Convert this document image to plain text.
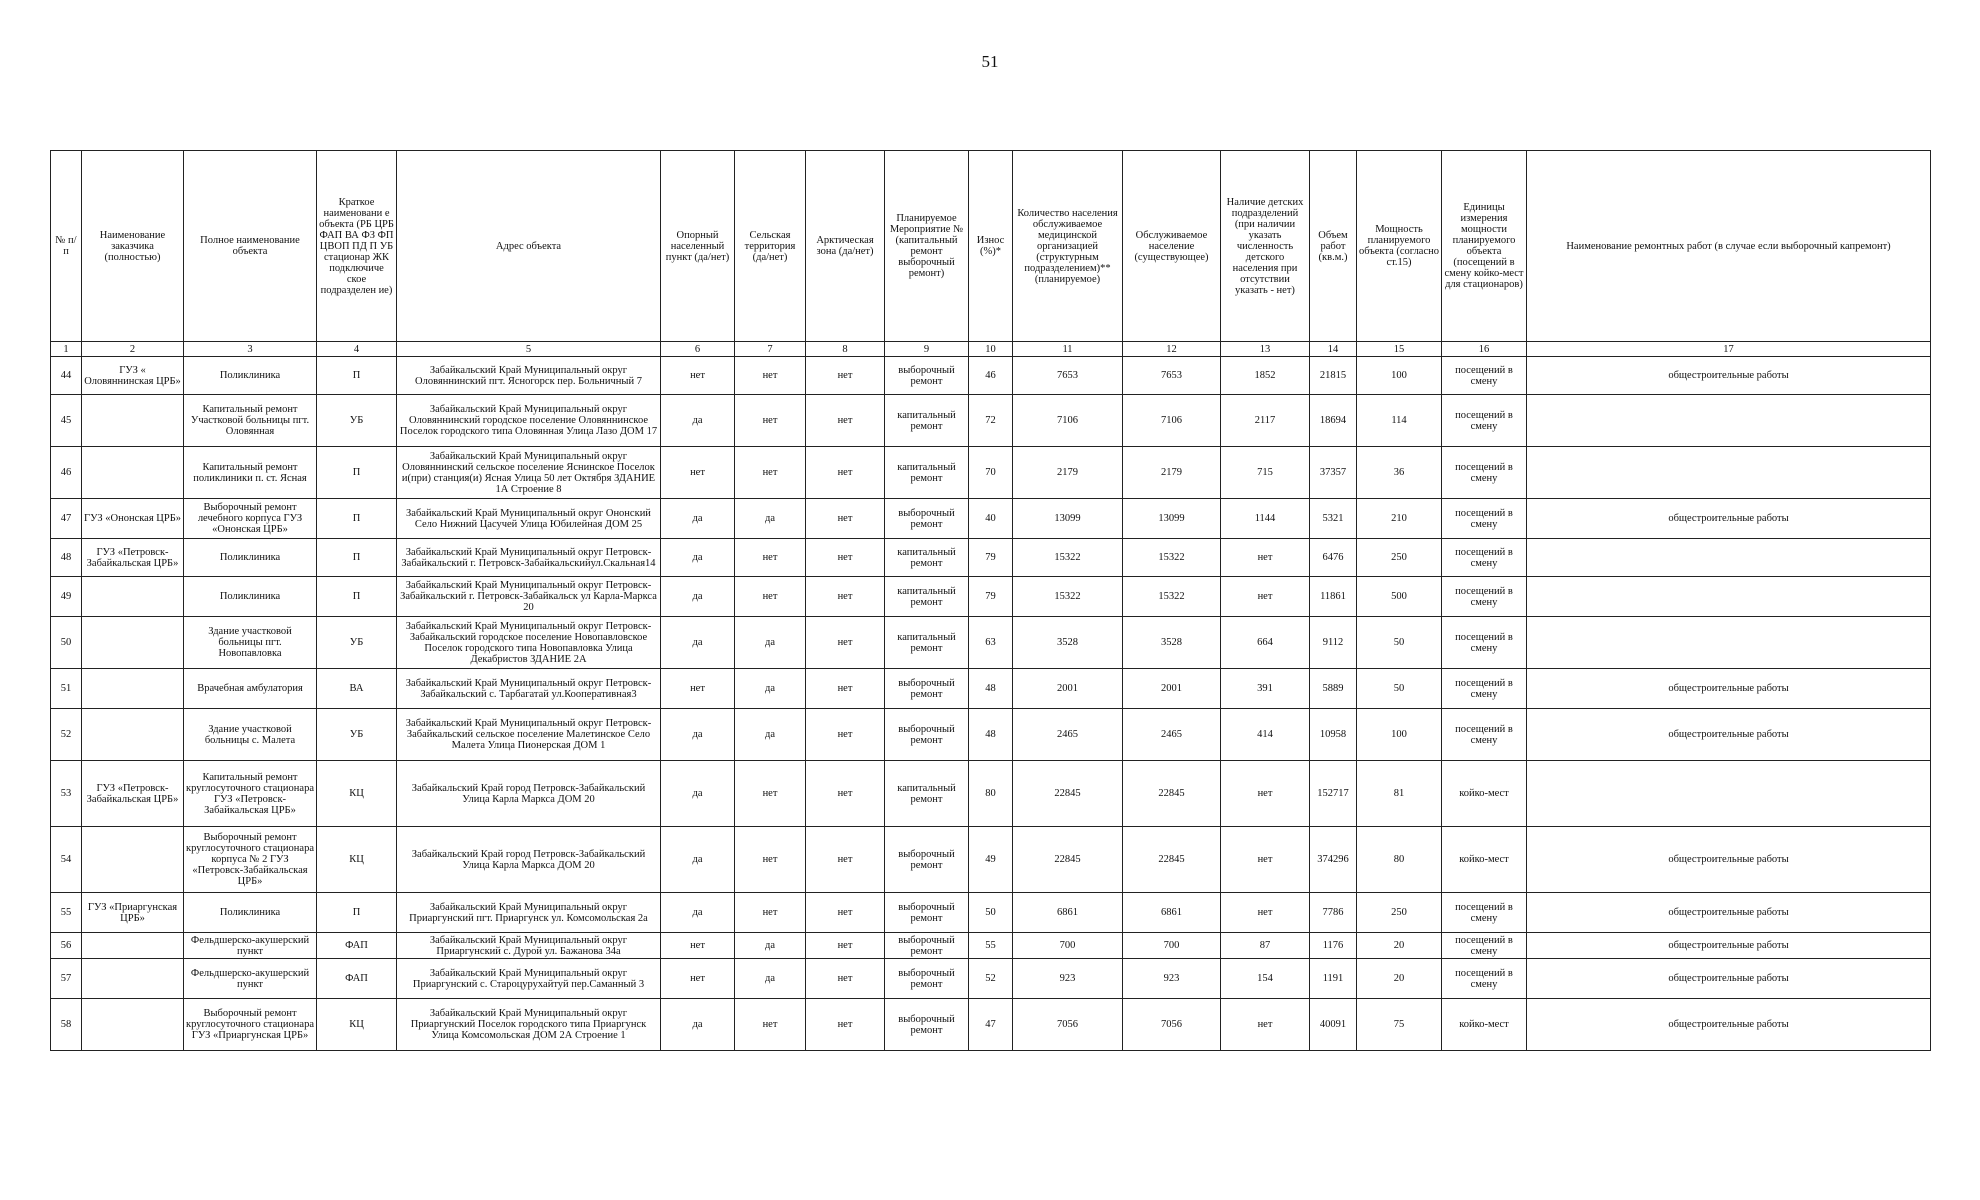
51
№ п/п	Наименование заказчика (полностью)	Полное наименование объекта	Краткое наименовани е объекта (РБ ЦРБ ФАП ВА ФЗ ФП ЦВОП ПД П УБ стационар ЖК подключиче ское подразделен ие)	Адрес объекта	Опорный населенный пункт (да/нет)	Сельская территория (да/нет)	Арктическая зона (да/нет)	Планируемое Мероприятие № (капитальный ремонт выборочный ремонт)	Износ (%)*	Количество населения обслуживаемое медицинской организацией (структурным подразделением)** (планируемое)	Обслуживаемое население (существующее)	Наличие детских подразделений (при наличии указать численность детского населения при отсутствии указать - нет)	Объем работ (кв.м.)	Мощность планируемого объекта (согласно ст.15)	Единицы измерения мощности планируемого объекта (посещений в смену койко-мест для стационаров)	Наименование ремонтных работ (в случае если выборочный капремонт)
1	2	3	4	5	6	7	8	9	10	11	12	13	14	15	16	17
44	ГУЗ « Оловяннинская ЦРБ»	Поликлиника	П	Забайкальский Край Муниципальный округ Оловяннинский пгт. Ясногорск пер. Больничный 7	нет	нет	нет	выборочный ремонт	46	7653	7653	1852	21815	100	посещений в смену	общестроительные работы
45		Капитальный ремонт Участковой больницы пгт. Оловянная	УБ	Забайкальский Край Муниципальный округ Оловяннинский городское поселение Оловяннинское Поселок городского типа Оловянная Улица Лазо ДОМ 17	да	нет	нет	капитальный ремонт	72	7106	7106	2117	18694	114	посещений в смену	
46		Капитальный ремонт поликлиники п. ст. Ясная	П	Забайкальский Край Муниципальный округ Оловяннинский сельское поселение Яснинское Поселок и(при) станция(и) Ясная Улица 50 лет Октября ЗДАНИЕ 1А Строение 8	нет	нет	нет	капитальный ремонт	70	2179	2179	715	37357	36	посещений в смену	
47	ГУЗ «Ононская ЦРБ»	Выборочный ремонт лечебного корпуса ГУЗ «Ононская ЦРБ»	П	Забайкальский Край Муниципальный округ Ононский Село Нижний Цасучей Улица Юбилейная ДОМ 25	да	да	нет	выборочный ремонт	40	13099	13099	1144	5321	210	посещений в смену	общестроительные работы
48	ГУЗ «Петровск-Забайкальская ЦРБ»	Поликлиника	П	Забайкальский Край Муниципальный округ Петровск-Забайкальский г. Петровск-Забайкальскийул.Скальная14	да	нет	нет	капитальный ремонт	79	15322	15322	нет	6476	250	посещений в смену	
49		Поликлиника	П	Забайкальский Край Муниципальный округ Петровск-Забайкальский г. Петровск-Забайкальск ул Карла-Маркса 20	да	нет	нет	капитальный ремонт	79	15322	15322	нет	11861	500	посещений в смену	
50		Здание участковой больницы пгт. Новопавловка	УБ	Забайкальский Край Муниципальный округ Петровск-Забайкальский городское поселение Новопавловское Поселок городского типа Новопавловка Улица Декабристов ЗДАНИЕ 2А	да	да	нет	капитальный ремонт	63	3528	3528	664	9112	50	посещений в смену	
51		Врачебная амбулатория	ВА	Забайкальский Край Муниципальный округ Петровск-Забайкальский с. Тарбагатай ул.Кооперативная3	нет	да	нет	выборочный ремонт	48	2001	2001	391	5889	50	посещений в смену	общестроительные работы
52		Здание участковой больницы с. Малета	УБ	Забайкальский Край Муниципальный округ Петровск-Забайкальский сельское поселение Малетинское Село Малета Улица Пионерская ДОМ 1	да	да	нет	выборочный ремонт	48	2465	2465	414	10958	100	посещений в смену	общестроительные работы
53	ГУЗ «Петровск-Забайкальская ЦРБ»	Капитальный ремонт круглосуточного стационара ГУЗ «Петровск-Забайкальская ЦРБ»	КЦ	Забайкальский Край город Петровск-Забайкальский Улица Карла Маркса ДОМ 20	да	нет	нет	капитальный ремонт	80	22845	22845	нет	152717	81	койко-мест	
54		Выборочный ремонт круглосуточного стационара корпуса № 2 ГУЗ «Петровск-Забайкальская ЦРБ»	КЦ	Забайкальский Край город Петровск-Забайкальский Улица Карла Маркса ДОМ 20	да	нет	нет	выборочный ремонт	49	22845	22845	нет	374296	80	койко-мест	общестроительные работы
55	ГУЗ «Приаргунская ЦРБ»	Поликлиника	П	Забайкальский Край Муниципальный округ Приаргунский пгт. Приаргунск ул. Комсомольская 2а	да	нет	нет	выборочный ремонт	50	6861	6861	нет	7786	250	посещений в смену	общестроительные работы
56		Фельдшерско-акушерский пункт	ФАП	Забайкальский Край Муниципальный округ Приаргунский с. Дурой ул. Бажанова 34а	нет	да	нет	выборочный ремонт	55	700	700	87	1176	20	посещений в смену	общестроительные работы
57		Фельдшерско-акушерский пункт	ФАП	Забайкальский Край Муниципальный округ Приаргунский с. Староцурухайтуй пер.Саманный 3	нет	да	нет	выборочный ремонт	52	923	923	154	1191	20	посещений в смену	общестроительные работы
58		Выборочный ремонт круглосуточного стационара ГУЗ «Приаргунская ЦРБ»	КЦ	Забайкальский Край Муниципальный округ Приаргунский Поселок городского типа Приаргунск Улица Комсомольская ДОМ 2А Строение 1	да	нет	нет	выборочный ремонт	47	7056	7056	нет	40091	75	койко-мест	общестроительные работы
